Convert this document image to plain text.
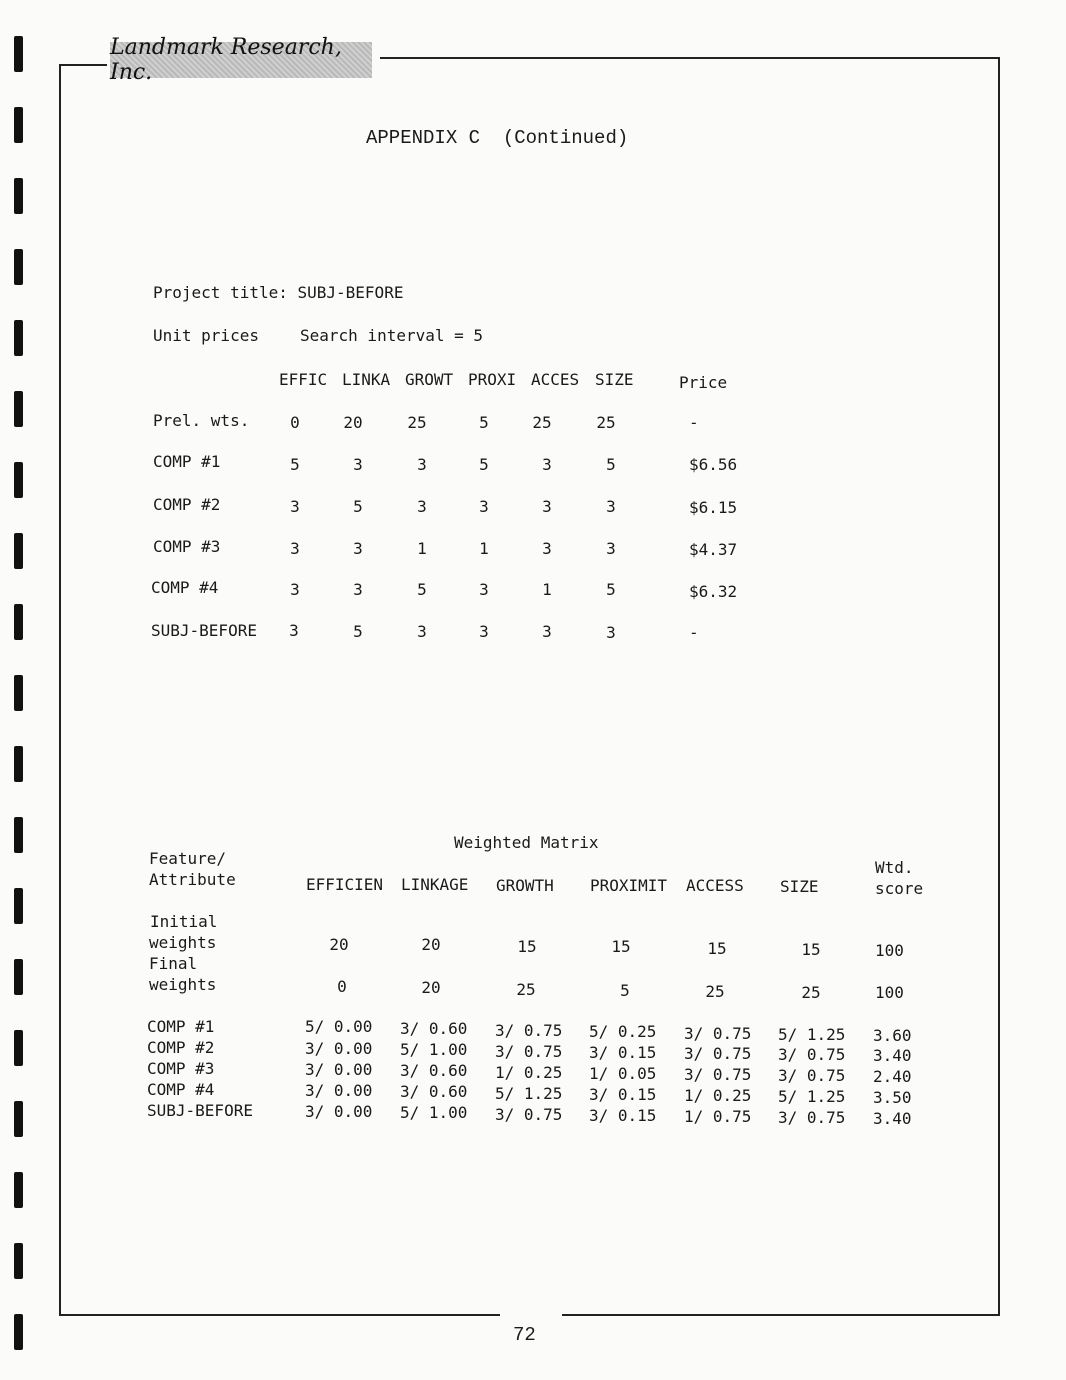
Landmark Research, Inc.
APPENDIX C  (Continued)
Project title: SUBJ-BEFORE
Unit prices	Search interval = 5
EFFIC LINKA GROWT PROXI ACCES SIZE	Price
Prel. wts.	0	20	25	5	25	25	-
COMP #1	5	3	3	5	3	5	$6.56
COMP #2	3	5	3	3	3	3	$6.15
COMP #3	3	3	1	1	3	3	$4.37
COMP #4	3	3	5	3	1	5	$6.32
SUBJ-BEFORE	3	5	3	3	3	3	-
Weighted Matrix
Feature/
Attribute	EFFICIEN LINKAGE GROWTH PROXIMIT ACCESS SIZE
Wtd.
score
Initial
weights	20	20	15	15	15	15	100
Final
weights	0	20	25	5	25	25	100
COMP #1	5/ 0.00 3/ 0.60 3/ 0.75 5/ 0.25 3/ 0.75 5/ 1.25 3.60
COMP #2	3/ 0.00 5/ 1.00 3/ 0.75 3/ 0.15 3/ 0.75 3/ 0.75 3.40
COMP #3	3/ 0.00 3/ 0.60 1/ 0.25 1/ 0.05 3/ 0.75 3/ 0.75 2.40
COMP #4	3/ 0.00 3/ 0.60 5/ 1.25 3/ 0.15 1/ 0.25 5/ 1.25 3.50
SUBJ-BEFORE	3/ 0.00 5/ 1.00 3/ 0.75 3/ 0.15 1/ 0.75 3/ 0.75 3.40
72
